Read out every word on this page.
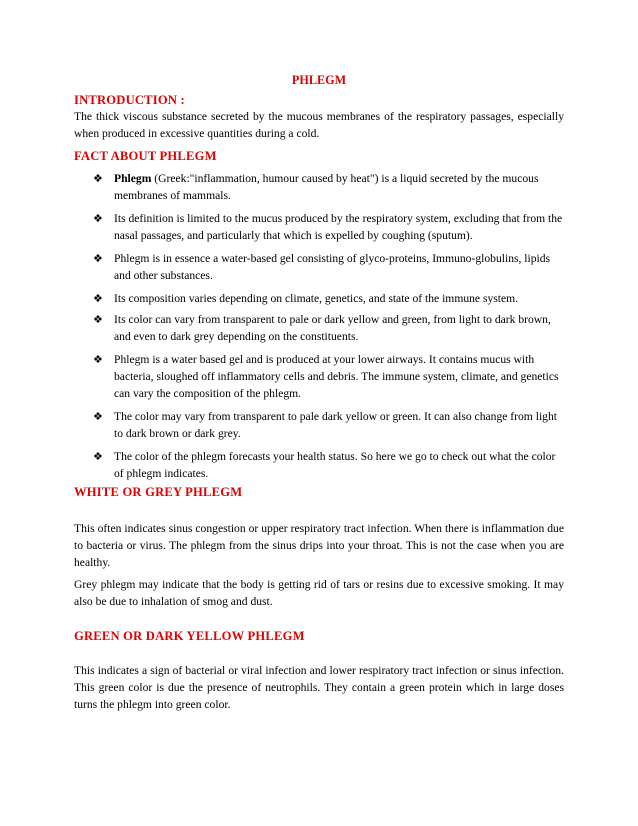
PHLEGM
INTRODUCTION :

The thick viscous substance secreted by the mucous membranes of the respiratory passages, especially when produced in excessive quantities during a cold.

FACT ABOUT PHLEGM
❖ Phlegm (Greek:"inflammation, humour caused by heat") is a liquid secreted by the mucous membranes of mammals.
❖ Its definition is limited to the mucus produced by the respiratory system, excluding that from the nasal passages, and particularly that which is expelled by coughing (sputum).
❖ Phlegm is in essence a water-based gel consisting of glyco-proteins, Immuno-globulins, lipids and other substances.
❖ Its composition varies depending on climate, genetics, and state of the immune system.
❖ Its color can vary from transparent to pale or dark yellow and green, from light to dark brown, and even to dark grey depending on the constituents.
❖ Phlegm is a water based gel and is produced at your lower airways. It contains mucus with bacteria, sloughed off inflammatory cells and debris. The immune system, climate, and genetics can vary the composition of the phlegm.
❖ The color may vary from transparent to pale dark yellow or green. It can also change from light to dark brown or dark grey.
❖ The color of the phlegm forecasts your health status. So here we go to check out what the color of phlegm indicates.
WHITE OR GREY PHLEGM

This often indicates sinus congestion or upper respiratory tract infection. When there is inflammation due to bacteria or virus. The phlegm from the sinus drips into your throat. This is not the case when you are healthy.

Grey phlegm may indicate that the body is getting rid of tars or resins due to excessive smoking. It may also be due to inhalation of smog and dust.

GREEN OR DARK YELLOW PHLEGM

This indicates a sign of bacterial or viral infection and lower respiratory tract infection or sinus infection. This green color is due the presence of neutrophils. They contain a green protein which in large doses turns the phlegm into green color.
